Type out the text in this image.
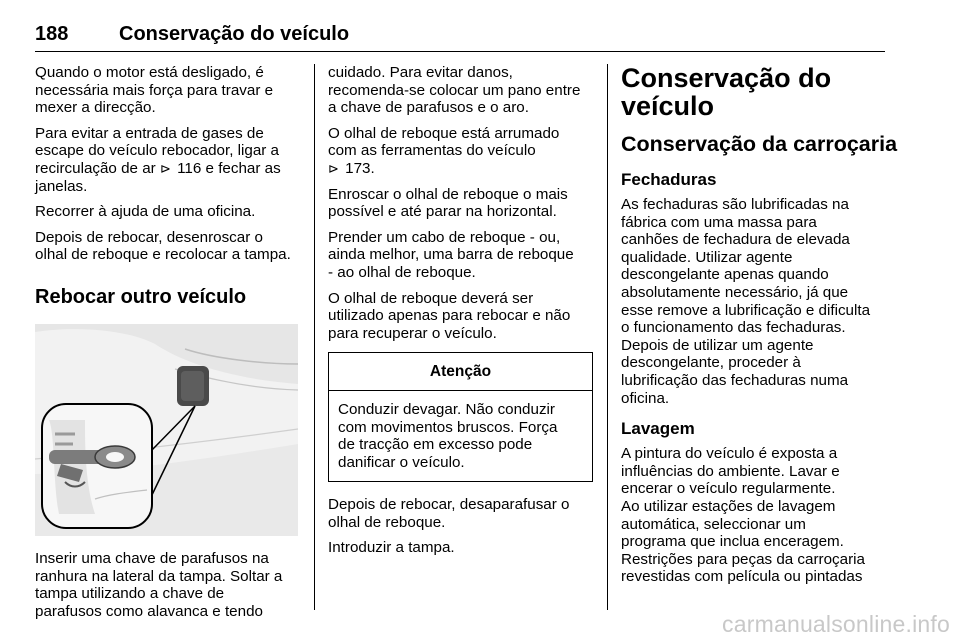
188	Conservação do veículo

Quando o motor está desligado, é
necessária mais força para travar e
mexer a direcção.

Para evitar a entrada de gases de
escape do veículo rebocador, ligar a
recirculação de ar ⊳ 116 e fechar as
janelas.

Recorrer à ajuda de uma oficina.

Depois de rebocar, desenroscar o
olhal de reboque e recolocar a tampa.

Rebocar outro veículo

Inserir uma chave de parafusos na
ranhura na lateral da tampa. Soltar a
tampa utilizando a chave de
parafusos como alavanca e tendo

cuidado. Para evitar danos,
recomenda-se colocar um pano entre
a chave de parafusos e o aro.

O olhal de reboque está arrumado
com as ferramentas do veículo
⊳ 173.

Enroscar o olhal de reboque o mais
possível e até parar na horizontal.

Prender um cabo de reboque - ou,
ainda melhor, uma barra de reboque
- ao olhal de reboque.

O olhal de reboque deverá ser
utilizado apenas para rebocar e não
para recuperar o veículo.

Atenção
Conduzir devagar. Não conduzir
com movimentos bruscos. Força
de tracção em excesso pode
danificar o veículo.

Depois de rebocar, desaparafusar o
olhal de reboque.

Introduzir a tampa.

Conservação do
veículo
Conservação da carroçaria
Fechaduras

As fechaduras são lubrificadas na
fábrica com uma massa para
canhões de fechadura de elevada
qualidade. Utilizar agente
descongelante apenas quando
absolutamente necessário, já que
esse remove a lubrificação e dificulta
o funcionamento das fechaduras.
Depois de utilizar um agente
descongelante, proceder à
lubrificação das fechaduras numa
oficina.

Lavagem

A pintura do veículo é exposta a
influências do ambiente. Lavar e
encerar o veículo regularmente.
Ao utilizar estações de lavagem
automática, seleccionar um
programa que inclua enceragem.
Restrições para peças da carroçaria
revestidas com película ou pintadas

carmanualsonline.info
